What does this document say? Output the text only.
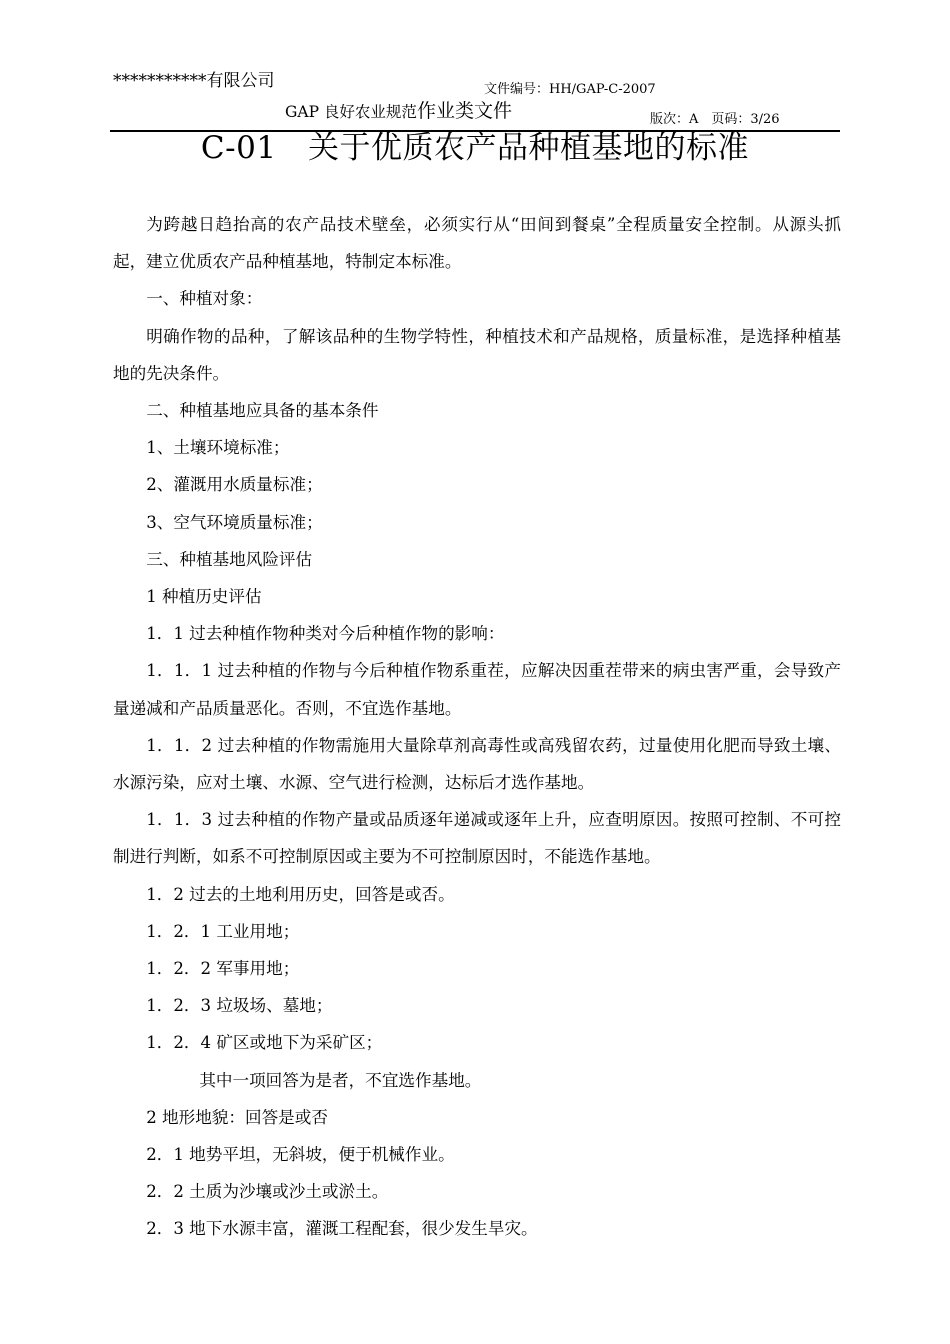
***********有限公司	文件编号：HH/GAP-C-2007
GAP 良好农业规范作业类文件	版次：A　页码：3/26
C-01　关于优质农产品种植基地的标准

为跨越日趋抬高的农产品技术壁垒，必须实行从“田间到餐桌”全程质量安全控制。从源头抓起，建立优质农产品种植基地，特制定本标准。

一、种植对象：

明确作物的品种，了解该品种的生物学特性，种植技术和产品规格，质量标准，是选择种植基地的先决条件。

二、种植基地应具备的基本条件

1、土壤环境标准；

2、灌溉用水质量标准；

3、空气环境质量标准；

三、种植基地风险评估

1 种植历史评估

1．1 过去种植作物种类对今后种植作物的影响：

1．1．1 过去种植的作物与今后种植作物系重茬，应解决因重茬带来的病虫害严重，会导致产量递减和产品质量恶化。否则，不宜选作基地。

1．1．2 过去种植的作物需施用大量除草剂高毒性或高残留农药，过量使用化肥而导致土壤、水源污染，应对土壤、水源、空气进行检测，达标后才选作基地。

1．1．3 过去种植的作物产量或品质逐年递减或逐年上升，应查明原因。按照可控制、不可控制进行判断，如系不可控制原因或主要为不可控制原因时，不能选作基地。

1．2 过去的土地利用历史，回答是或否。

1．2．1 工业用地；

1．2．2 军事用地；

1．2．3 垃圾场、墓地；

1．2．4 矿区或地下为采矿区；

其中一项回答为是者，不宜选作基地。

2 地形地貌：回答是或否

2．1 地势平坦，无斜坡，便于机械作业。

2．2 土质为沙壤或沙土或淤土。

2．3 地下水源丰富，灌溉工程配套，很少发生旱灾。
